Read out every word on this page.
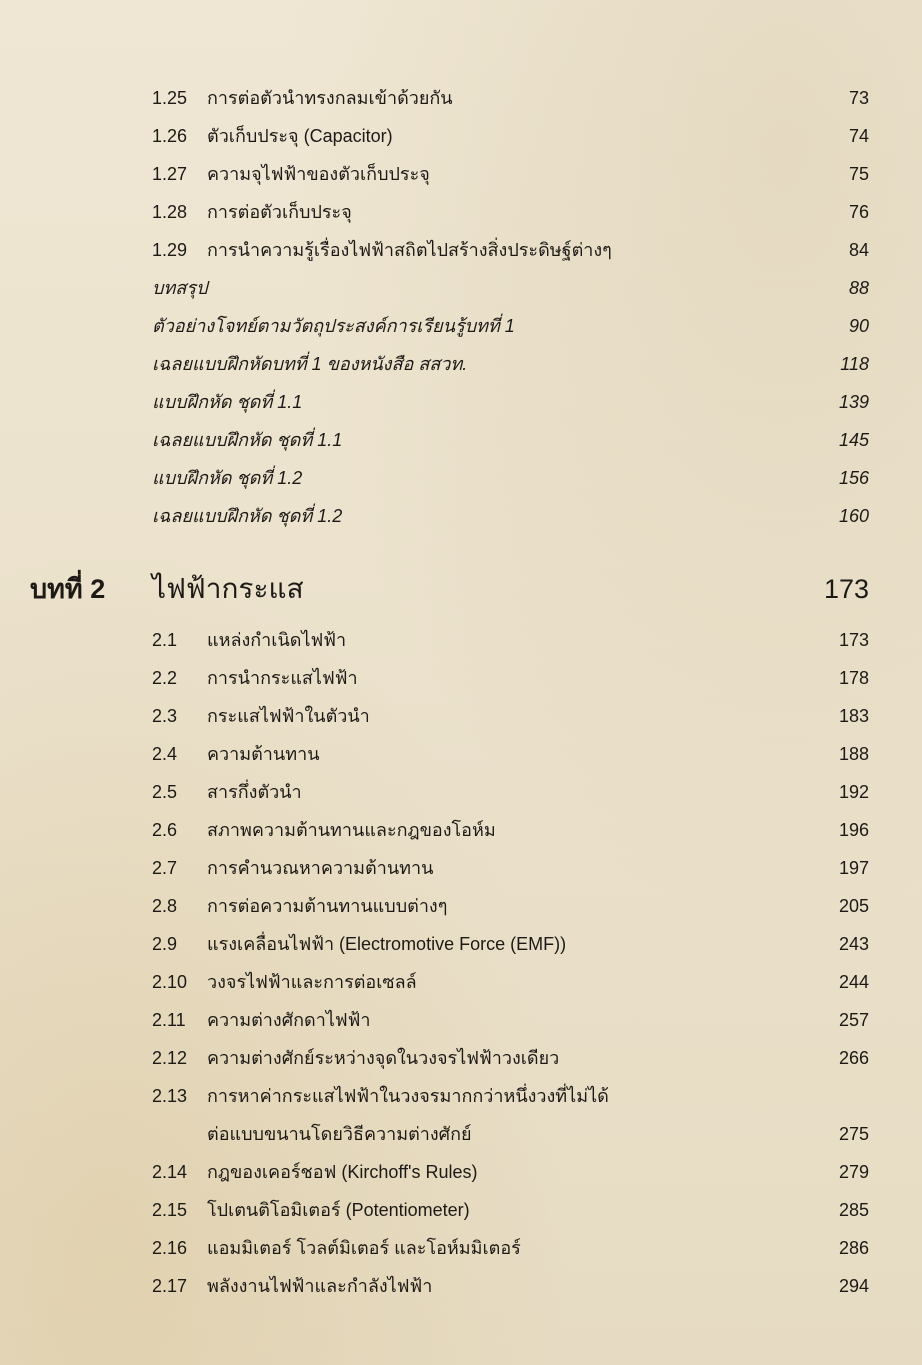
1.25	การต่อตัวนำทรงกลมเข้าด้วยกัน	73
1.26	ตัวเก็บประจุ (Capacitor)	74
1.27	ความจุไฟฟ้าของตัวเก็บประจุ	75
1.28	การต่อตัวเก็บประจุ	76
1.29	การนำความรู้เรื่องไฟฟ้าสถิตไปสร้างสิ่งประดิษฐ์ต่างๆ	84
บทสรุป	88
ตัวอย่างโจทย์ตามวัตถุประสงค์การเรียนรู้บทที่ 1	90
เฉลยแบบฝึกหัดบทที่ 1 ของหนังสือ สสวท.	118
แบบฝึกหัด ชุดที่ 1.1	139
เฉลยแบบฝึกหัด ชุดที่ 1.1	145
แบบฝึกหัด ชุดที่ 1.2	156
เฉลยแบบฝึกหัด ชุดที่ 1.2	160
บทที่ 2 ไฟฟ้ากระแส	173
2.1	แหล่งกำเนิดไฟฟ้า	173
2.2	การนำกระแสไฟฟ้า	178
2.3	กระแสไฟฟ้าในตัวนำ	183
2.4	ความต้านทาน	188
2.5	สารกึ่งตัวนำ	192
2.6	สภาพความต้านทานและกฎของโอห์ม	196
2.7	การคำนวณหาความต้านทาน	197
2.8	การต่อความต้านทานแบบต่างๆ	205
2.9	แรงเคลื่อนไฟฟ้า (Electromotive Force (EMF))	243
2.10	วงจรไฟฟ้าและการต่อเซลล์	244
2.11	ความต่างศักดาไฟฟ้า	257
2.12	ความต่างศักย์ระหว่างจุดในวงจรไฟฟ้าวงเดียว	266
2.13	การหาค่ากระแสไฟฟ้าในวงจรมากกว่าหนึ่งวงที่ไม่ได้
ต่อแบบขนานโดยวิธีความต่างศักย์	275
2.14	กฎของเคอร์ชอฟ (Kirchoff's Rules)	279
2.15	โปเตนติโอมิเตอร์ (Potentiometer)	285
2.16	แอมมิเตอร์ โวลต์มิเตอร์ และโอห์มมิเตอร์	286
2.17	พลังงานไฟฟ้าและกำลังไฟฟ้า	294
